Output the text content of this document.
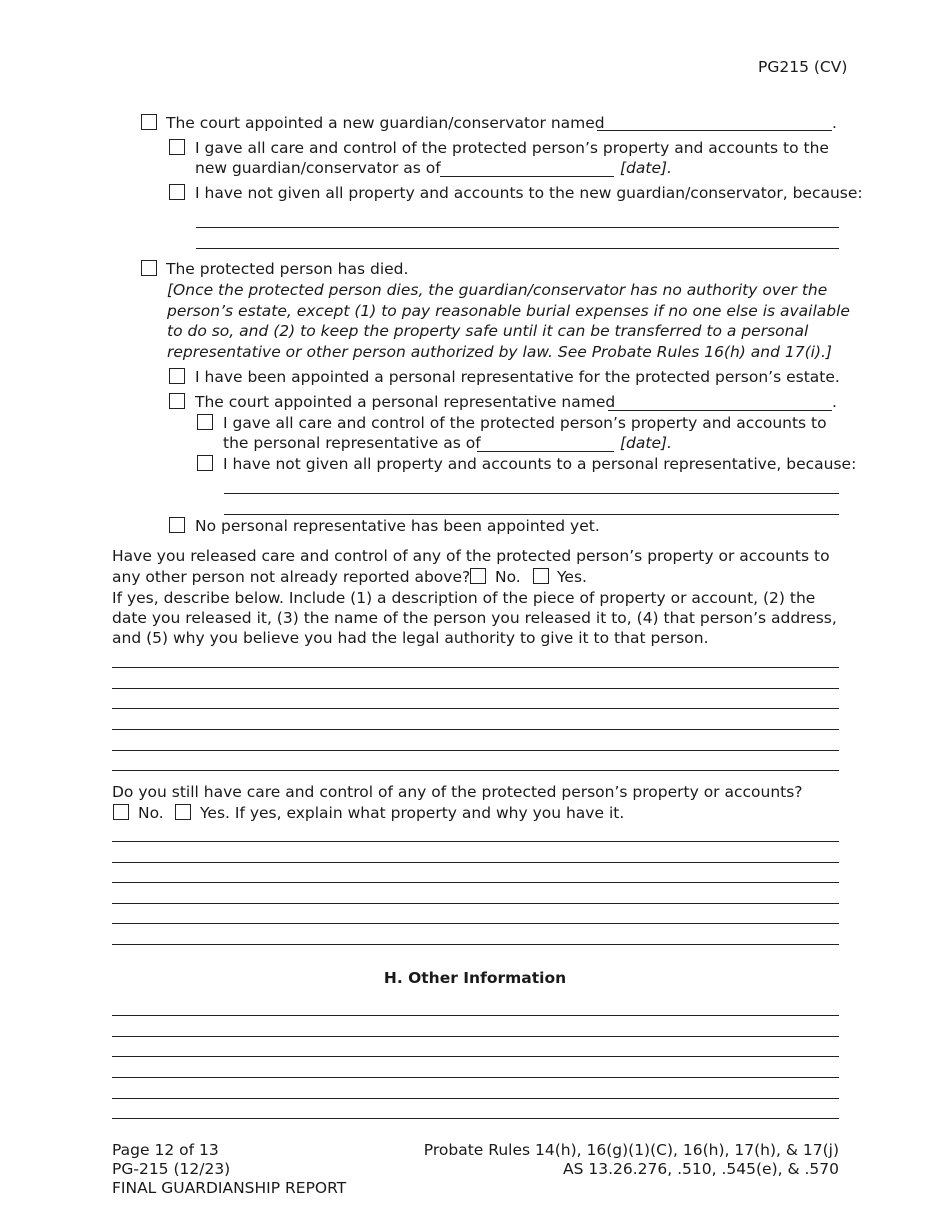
PG215 (CV)
The court appointed a new guardian/conservator named	.
I gave all care and control of the protected person’s property and accounts to the
new guardian/conservator as of	[date].
I have not given all property and accounts to the new guardian/conservator, because:
The protected person has died.
[Once the protected person dies, the guardian/conservator has no authority over the
person’s estate, except (1) to pay reasonable burial expenses if no one else is available
to do so, and (2) to keep the property safe until it can be transferred to a personal
representative or other person authorized by law. See Probate Rules 16(h) and 17(i).]
I have been appointed a personal representative for the protected person’s estate.
The court appointed a personal representative named	.
I gave all care and control of the protected person’s property and accounts to
the personal representative as of	[date].
I have not given all property and accounts to a personal representative, because:
No personal representative has been appointed yet.
Have you released care and control of any of the protected person’s property or accounts to
any other person not already reported above? No. Yes.
If yes, describe below. Include (1) a description of the piece of property or account, (2) the
date you released it, (3) the name of the person you released it to, (4) that person’s address,
and (5) why you believe you had the legal authority to give it to that person.
Do you still have care and control of any of the protected person’s property or accounts?
No. Yes. If yes, explain what property and why you have it.
H. Other Information
Page 12 of 13
PG-215 (12/23)
FINAL GUARDIANSHIP REPORT
Probate Rules 14(h), 16(g)(1)(C), 16(h), 17(h), & 17(j)
AS 13.26.276, .510, .545(e), & .570
